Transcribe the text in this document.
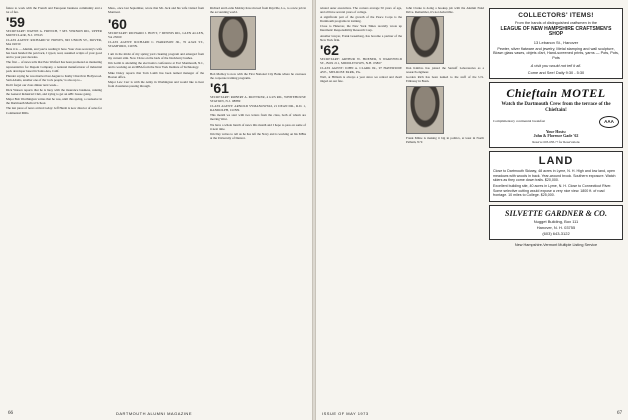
future to work with the French and European business community and a lot of fun.

'59

SECRETARY: WAYNE G. FRENCH, 7 MT. VERNON RD., UPPER MONTCLAIR, N.J. 07043

CLASS AGENT: RICHARD W. HOWES, 845 UNION ST., DOVER, MA 02030

Here it is — Alumni, and you're reading it here. Your class secretary's wife has been handed the pen back, I typed, read, assumed scripts of your good and to your past decades.

The first ... of news tells that Pete Walford has been promoted as marketing representative for Dupont Company, a national manufacturer of industrial pack developer based in Santa Ana, Calif.

Plunder saying he was married last August to Kathy Church in Hollywood. Sam Adams, another one of the 'rock people,' is also up to...

Don't forget our class dinner next week...

Dick Watson reports that he is busy with the insurance business, running the General Industrial Club, and trying to get an ABC house going.

Major Bob Worthington writes that he was, until this spring, a counselor in the Dartmouth Medical School.

The last piece of news arrived today: Jeff Hersh is now director of sales for Continental Mills.

Mass., once last September, wrote that Mr. Jack and his wife visited from Montreal.

'60

SECRETARY: RICHARD J. HOYT, 7 DENNIS RD., GLEN ALLEN, VA 23060

CLASS AGENT: RICHARD C. HARRISON JR., 76 AJAX ST., STAMFORD, CONN.

I am in the midst of my spring yard cleaning program and emerged from my current stint. Now I have on the back of the blackberry bushes.

Jim Lomb is attending the electronics conference at Fort Monmouth, N.J., and is working on an MBA from the New York Institute of Technology.

Mike Doley reports that Tom Lamb has been named manager of the Boston office.

Major Lew Carr is with the Army in Washington and would like to hear from classmates passing through.

Richard and Leslie Mobley have moved from Rayville, La., to a new job in the accounting world.

Bob Mobley is now with the First National City Bank where he oversees the corporate training programs.

'61

SECRETARY: ROBERT A. MOTTKER, 4 GUS RD., WHITEHOUSE STATION, N.J. 08889

CLASS AGENT: ARNOLD SYMANOWSKI, 21 DEAN DR., R.D. 1, RANDOLPH, CONN.

This month we start with two letters from the class, both of whom are moving West.

We have a whole bunch of news this month and I hope to pass on some of it next time.

Jim Day writes to tell us he has left the Navy and is working on his MBA at the University of Denver.

66	DARTMOUTH ALUMNI MAGAZINE

related outer executives. The corners average 50 years of age, and all have several years of college.

A significant part of the growth of the Peace Corps is the Dartmouth programs in training.

Close to Hanover, the New York Times recently wrote up Intermatic Responsibility Research Corp.

Another lawyer, Frank Greenberg, has become a partner of the New York firm.

'62

SECRETARY: ARTHUR W. HOENER, 9 WAKEFIELD ST., BOX 211, MIDDLETOWN, N.H. 03867

CLASS AGENT: JOHN A. CLARK JR., 97 HAVERSIDE AVE., MELROSE PARK, PA.

Well, at Hilltom is always a year since we retired and dwell tinged on our fate.

John Clarke is doing a hookup job with the Alumni Fund Drive. Remember, it's not deductible.

Dan Kimbro has joined the Sarnoff Laboratories as a research engineer.

Gordon Rich has been named to the staff of the U.S. Embassy in Bonn.

Frank Milne is making it big in politics, at least in North Pelham, N.Y.

ISSUE OF MAY 1973	67
COLLECTORS' ITEMS!
From the hands of distinguished craftsmen in the
LEAGUE OF NEW HAMPSHIRE CRAFTSMEN'S SHOP
13 Lebanon St., Hanover
Pewter, silver flatware and jewelry, Metal stamping and wall sculpture, Blown glass vases, objets d'art, Hand-screened prints, yarns — Pots, Pots, Pots
A visit you would not tell it all.
Come and See! Daily 9:30 - 5:30
Chieftain MOTEL
Watch the Dartmouth Crew from the terrace of the Chieftain!
Complimentary continental breakfast	AAA
Your Hosts:
John & Florence Gade '62
Reserve 603-638-?? for Reservations
LAND
Close to Dartmouth Skiway, 48 acres in Lyme, N. H. High and low land, open meadows with woods in back. Year-around brook. Southern exposure. Watch skiers as they come down trails. $20,000.
Excellent building site, 40 acres in Lyme, N. H. Close to Connecticut River. Some selective cutting would expose a very nice view. 1800 ft. of road frontage. 10 miles to College. $25,000.
SILVETTE GARDNER & CO.
Nugget Building, Box 111
Hanover, N. H. 03755
(603) 643-3122
New Hampshire-Vermont Multiple Listing Service
